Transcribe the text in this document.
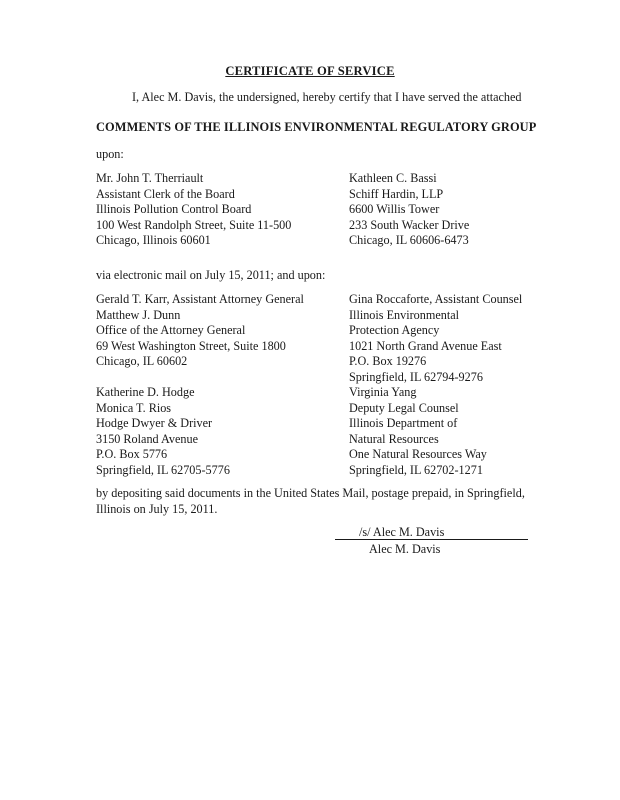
CERTIFICATE OF SERVICE
I, Alec M. Davis, the undersigned, hereby certify that I have served the attached
COMMENTS OF THE ILLINOIS ENVIRONMENTAL REGULATORY GROUP
upon:
Mr. John T. Therriault
Assistant Clerk of the Board
Illinois Pollution Control Board
100 West Randolph Street, Suite 11-500
Chicago, Illinois 60601
Kathleen C. Bassi
Schiff Hardin, LLP
6600 Willis Tower
233 South Wacker Drive
Chicago, IL 60606-6473
via electronic mail on July 15, 2011; and upon:
Gerald T. Karr, Assistant Attorney General
Matthew J. Dunn
Office of the Attorney General
69 West Washington Street, Suite 1800
Chicago, IL 60602
Gina Roccaforte, Assistant Counsel
Illinois Environmental
Protection Agency
1021 North Grand Avenue East
P.O. Box 19276
Springfield, IL 62794-9276
Katherine D. Hodge
Monica T. Rios
Hodge Dwyer & Driver
3150 Roland Avenue
P.O. Box 5776
Springfield, IL 62705-5776
Virginia Yang
Deputy Legal Counsel
Illinois Department of
Natural Resources
One Natural Resources Way
Springfield, IL 62702-1271
by depositing said documents in the United States Mail, postage prepaid, in Springfield,
Illinois on July 15, 2011.
/s/ Alec M. Davis
Alec M. Davis
